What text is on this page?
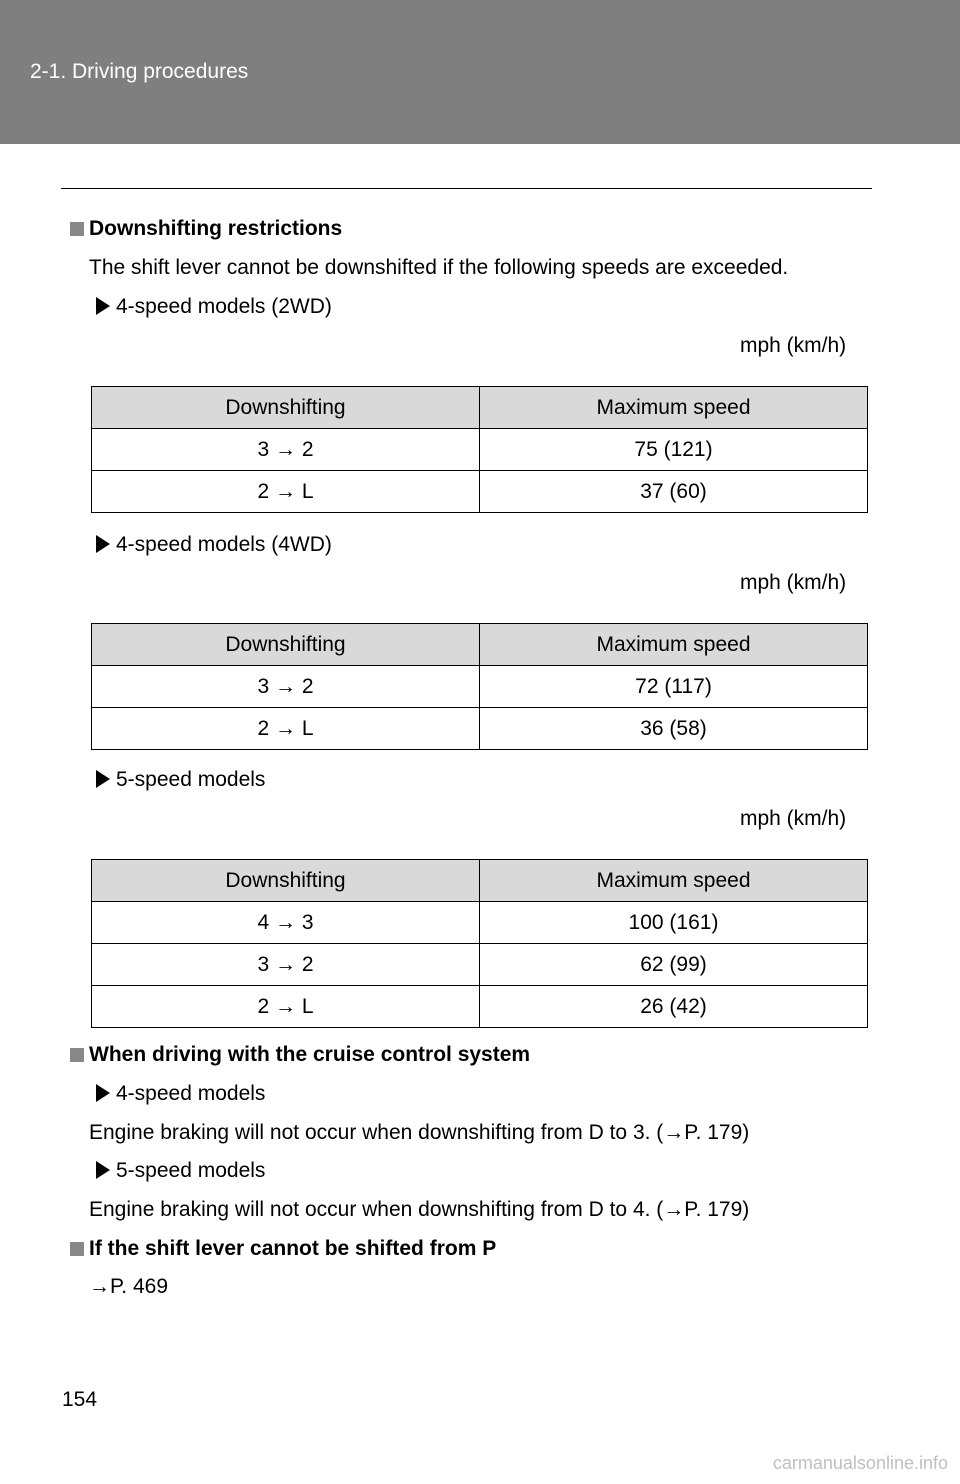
2-1. Driving procedures
Downshifting restrictions
The shift lever cannot be downshifted if the following speeds are exceeded.
4-speed models (2WD)
mph (km/h)
Downshifting	Maximum speed
3 → 2	75 (121)
2 → L	37 (60)
4-speed models (4WD)
mph (km/h)
Downshifting	Maximum speed
3 → 2	72 (117)
2 → L	36 (58)
5-speed models
mph (km/h)
Downshifting	Maximum speed
4 → 3	100 (161)
3 → 2	62 (99)
2 → L	26 (42)
When driving with the cruise control system
4-speed models
Engine braking will not occur when downshifting from D to 3. (→P. 179)
5-speed models
Engine braking will not occur when downshifting from D to 4. (→P. 179)
If the shift lever cannot be shifted from P
→P. 469
154
carmanualsonline.info
